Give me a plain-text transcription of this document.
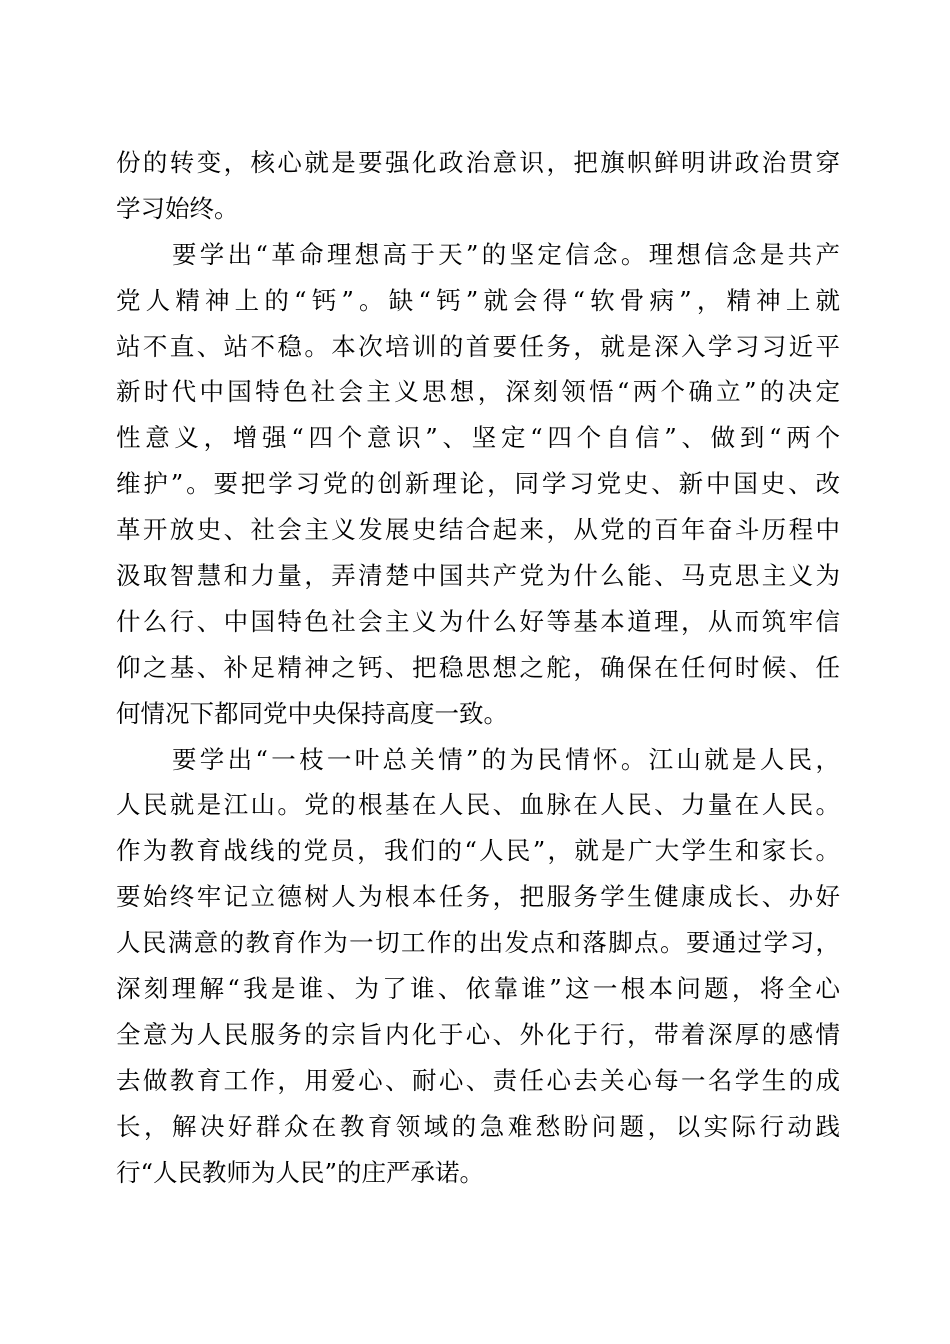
份的转变，核心就是要强化政治意识，把旗帜鲜明讲政治贯穿
学习始终。
要学出“革命理想高于天”的坚定信念。理想信念是共产
党人精神上的“钙”。缺“钙”就会得“软骨病”，精神上就
站不直、站不稳。本次培训的首要任务，就是深入学习习近平
新时代中国特色社会主义思想，深刻领悟“两个确立”的决定
性意义，增强“四个意识”、坚定“四个自信”、做到“两个
维护”。要把学习党的创新理论，同学习党史、新中国史、改
革开放史、社会主义发展史结合起来，从党的百年奋斗历程中
汲取智慧和力量，弄清楚中国共产党为什么能、马克思主义为
什么行、中国特色社会主义为什么好等基本道理，从而筑牢信
仰之基、补足精神之钙、把稳思想之舵，确保在任何时候、任
何情况下都同党中央保持高度一致。
要学出“一枝一叶总关情”的为民情怀。江山就是人民，
人民就是江山。党的根基在人民、血脉在人民、力量在人民。
作为教育战线的党员，我们的“人民”，就是广大学生和家长。
要始终牢记立德树人为根本任务，把服务学生健康成长、办好
人民满意的教育作为一切工作的出发点和落脚点。要通过学习，
深刻理解“我是谁、为了谁、依靠谁”这一根本问题，将全心
全意为人民服务的宗旨内化于心、外化于行，带着深厚的感情
去做教育工作，用爱心、耐心、责任心去关心每一名学生的成
长，解决好群众在教育领域的急难愁盼问题，以实际行动践
行“人民教师为人民”的庄严承诺。
